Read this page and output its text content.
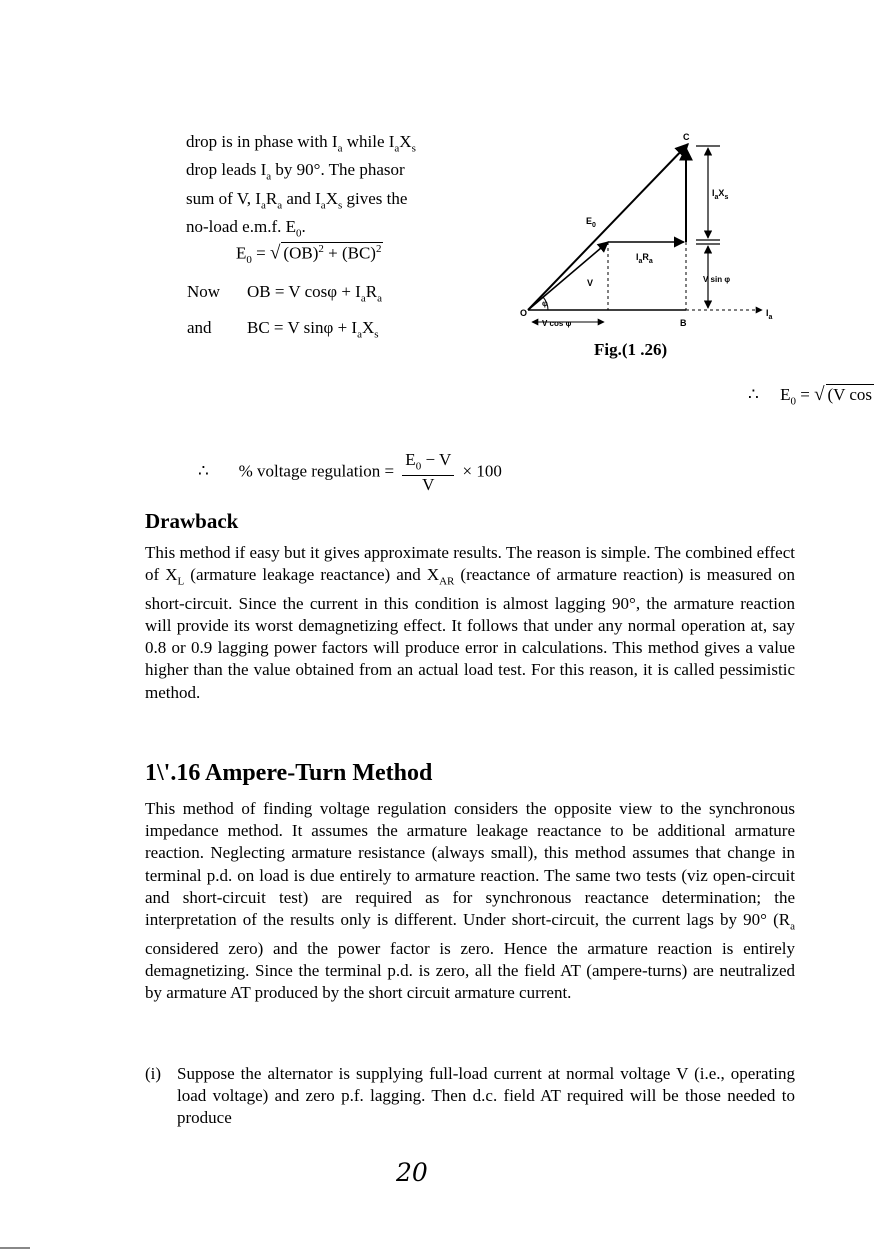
drop is in phase with $I_a$ while $I_aX_s$
drop leads $I_a$ by 90°. The phasor
sum of V, $I_aR_a$ and $I_aX_s$ gives the
no-load e.m.f. $E_0$.
$E_0$ = √ (OB)$^2$ + (BC)$^2$
Now OB = V $\cos\varphi + I_aR_a$
and BC = V $\sin\varphi + I_aX_s$
C
$E_0$
$I_aX_s$
$I_aR_a$
V	V sin φ
O
φ
V cos φ	B
$I_a$
Fig.(1 .26)
∴ $E_0$ = √ (V cos
∴ % voltage regulation = $\frac{E_0 - V}{V} \times 100$
Drawback
This method if easy but it gives approximate results. The reason is simple. The combined effect of $X_L$ (armature leakage reactance) and $X_{AR}$ (reactance of armature reaction) is measured on short-circuit. Since the current in this condition is almost lagging 90°, the armature reaction will provide its worst demagnetizing effect. It follows that under any normal operation at, say 0.8 or 0.9 lagging power factors will produce error in calculations. This method gives a value higher than the value obtained from an actual load test. For this reason, it is called pessimistic method.
1\'.16 Ampere-Turn Method
This method of finding voltage regulation considers the opposite view to the synchronous impedance method. It assumes the armature leakage reactance to be additional armature reaction. Neglecting armature resistance (always small), this method assumes that change in terminal p.d. on load is due entirely to armature reaction. The same two tests (viz open-circuit and short-circuit test) are required as for synchronous reactance determination; the interpretation of the results only is different. Under short-circuit, the current lags by 90° ($R_a$ considered zero) and the power factor is zero. Hence the armature reaction is entirely demagnetizing. Since the terminal p.d. is zero, all the field AT (ampere-turns) are neutralized by armature AT produced by the short circuit armature current.
(i) Suppose the alternator is supplying full-load current at normal voltage V (i.e., operating load voltage) and zero p.f. lagging. Then d.c. field AT required will be those needed to produce
20
